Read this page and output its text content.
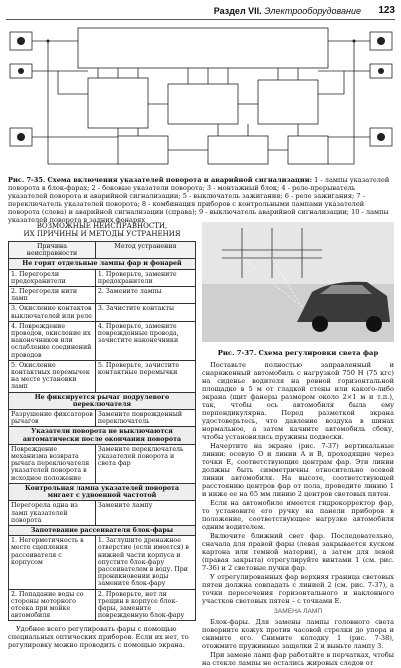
Раздел VII. Электрооборудование 123
Рис. 7-35. Схема включения указателей поворота и аварийной сигнализации: 1 - лампы указателей поворота в блок-фарах; 2 - боковые указатели поворота; 3 - монтажный блок; 4 - реле-прерыватель указателей поворота и аварийной сигнализации; 5 - выключатель зажигания; 6 - реле зажигания; 7 - переключатель указателей поворота; 8 - комбинация приборов с контрольными лампами указателей поворота (слева) и аварийной сигнализации (справа); 9 - выключатель аварийной сигнализации; 10 - лампы указателей поворота в задних фонарях
ВОЗМОЖНЫЕ НЕИСПРАВНОСТИ,
ИХ ПРИЧИНЫ И МЕТОДЫ УСТРАНЕНИЯ
Причина неисправности	Метод устранения
Не горят отдельные лампы фар и фонарей	
1. Перегорели предохранители	1. Проверьте, замените предохранители
2. Перегорели нити ламп	2. Замените лампы
3. Окисление контактов выключателей или реле	3. Зачистите контакты
4. Повреждение проводов, окисление их наконечников или ослабление соединений проводов	4. Проверьте, замените поврежденные провода, зачистите наконечники
5. Окисление контактных перемычек на месте установки ламп	5. Проверьте, зачистите контактные перемычки
Не фиксируется рычаг подрулевого переключателя	
Разрушение фиксаторов рычагов	Замените поврежденный переключатель
Указатели поворота не выключаются автоматически после окончания поворота	
Повреждение механизма возврата рычага переключателя указателей поворота в исходное положение	Замените переключатель указателей поворота и света фар
Контрольная лампа указателей поворота мигает с удвоенной частотой	
Перегорела одна из ламп указателей поворота	Замените лампу
Запотевание рассеивателя блок-фары	
1. Негерметичность в месте сцепления рассеивателя с корпусом	1. Заглушите дренажное отверстие (если имеется) в нижней части корпуса и опустите блок-фару рассеивателем в воду. При проникновении воды замените блок-фару
2. Попадание воды со стороны моторного отсека при мойке автомобиля	2. Проверьте, нет ли трещин в корпусе блок-фары, замените поврежденную блок-фару
Удобнее всего регулировать фары с помощью специальных оптических приборов. Если их нет, то регулировку можно проводить с помощью экрана.
Рис. 7-37. Схема регулировки света фар

Поставьте полностью заправленный и снаряженный автомобиль с нагрузкой 750 Н (75 кгс) на сиденье водителя на ровной горизонтальной площадке в 5 м от гладкой стены или какого-либо экрана (щит фанеры размером около 2×1 м и т.п.), так, чтобы ось автомобиля была ему перпендикулярна. Перед разметкой экрана удостоверьтесь, что давление воздуха в шинах нормальное, а затем качните автомобиль сбоку, чтобы установились пружины подвески.

Начертите на экране (рис. 7-37) вертикальные линии: осевую О и линии А и В, проходящие через точки Е, соответствующие центрам фар. Эти линии должны быть симметричны относительно осевой линии автомобиля. На высоте, соответствующей расстоянию центров фар от пола, проведите линию 1 и ниже ее на 65 мм линию 2 центров световых пятен.

Если на автомобиле имеется гидрокорректор фар, то установите его ручку на панели приборов в положение, соответствующее нагрузке автомобиля одним водителем.

Включите ближний свет фар. Последовательно, сначала для правой фары (левая закрывается куском картона или темной материи), а затем для левой (правая закрыта) отрегулируйте винтами 1 (см. рис. 7-36) и 2 световые пучки фар.

У отрегулированных фар верхняя граница световых пятен должна совпадать с линией 2 (см. рис. 7-37), а точки пересечения горизонтального и наклонного участков световых пятен – с точками Е.

ЗАМЕНА ЛАМП

Блок-фары. Для замены лампы головного света поверните кожух против часовой стрелки до упора и снимите его. Снимите колодку 1 (рис. 7-38), отожмите пружинные защелки 2 и выньте лампу 3.

При замене ламп фар работайте в перчатках, чтобы на стекле лампы не остались жировых следов от
